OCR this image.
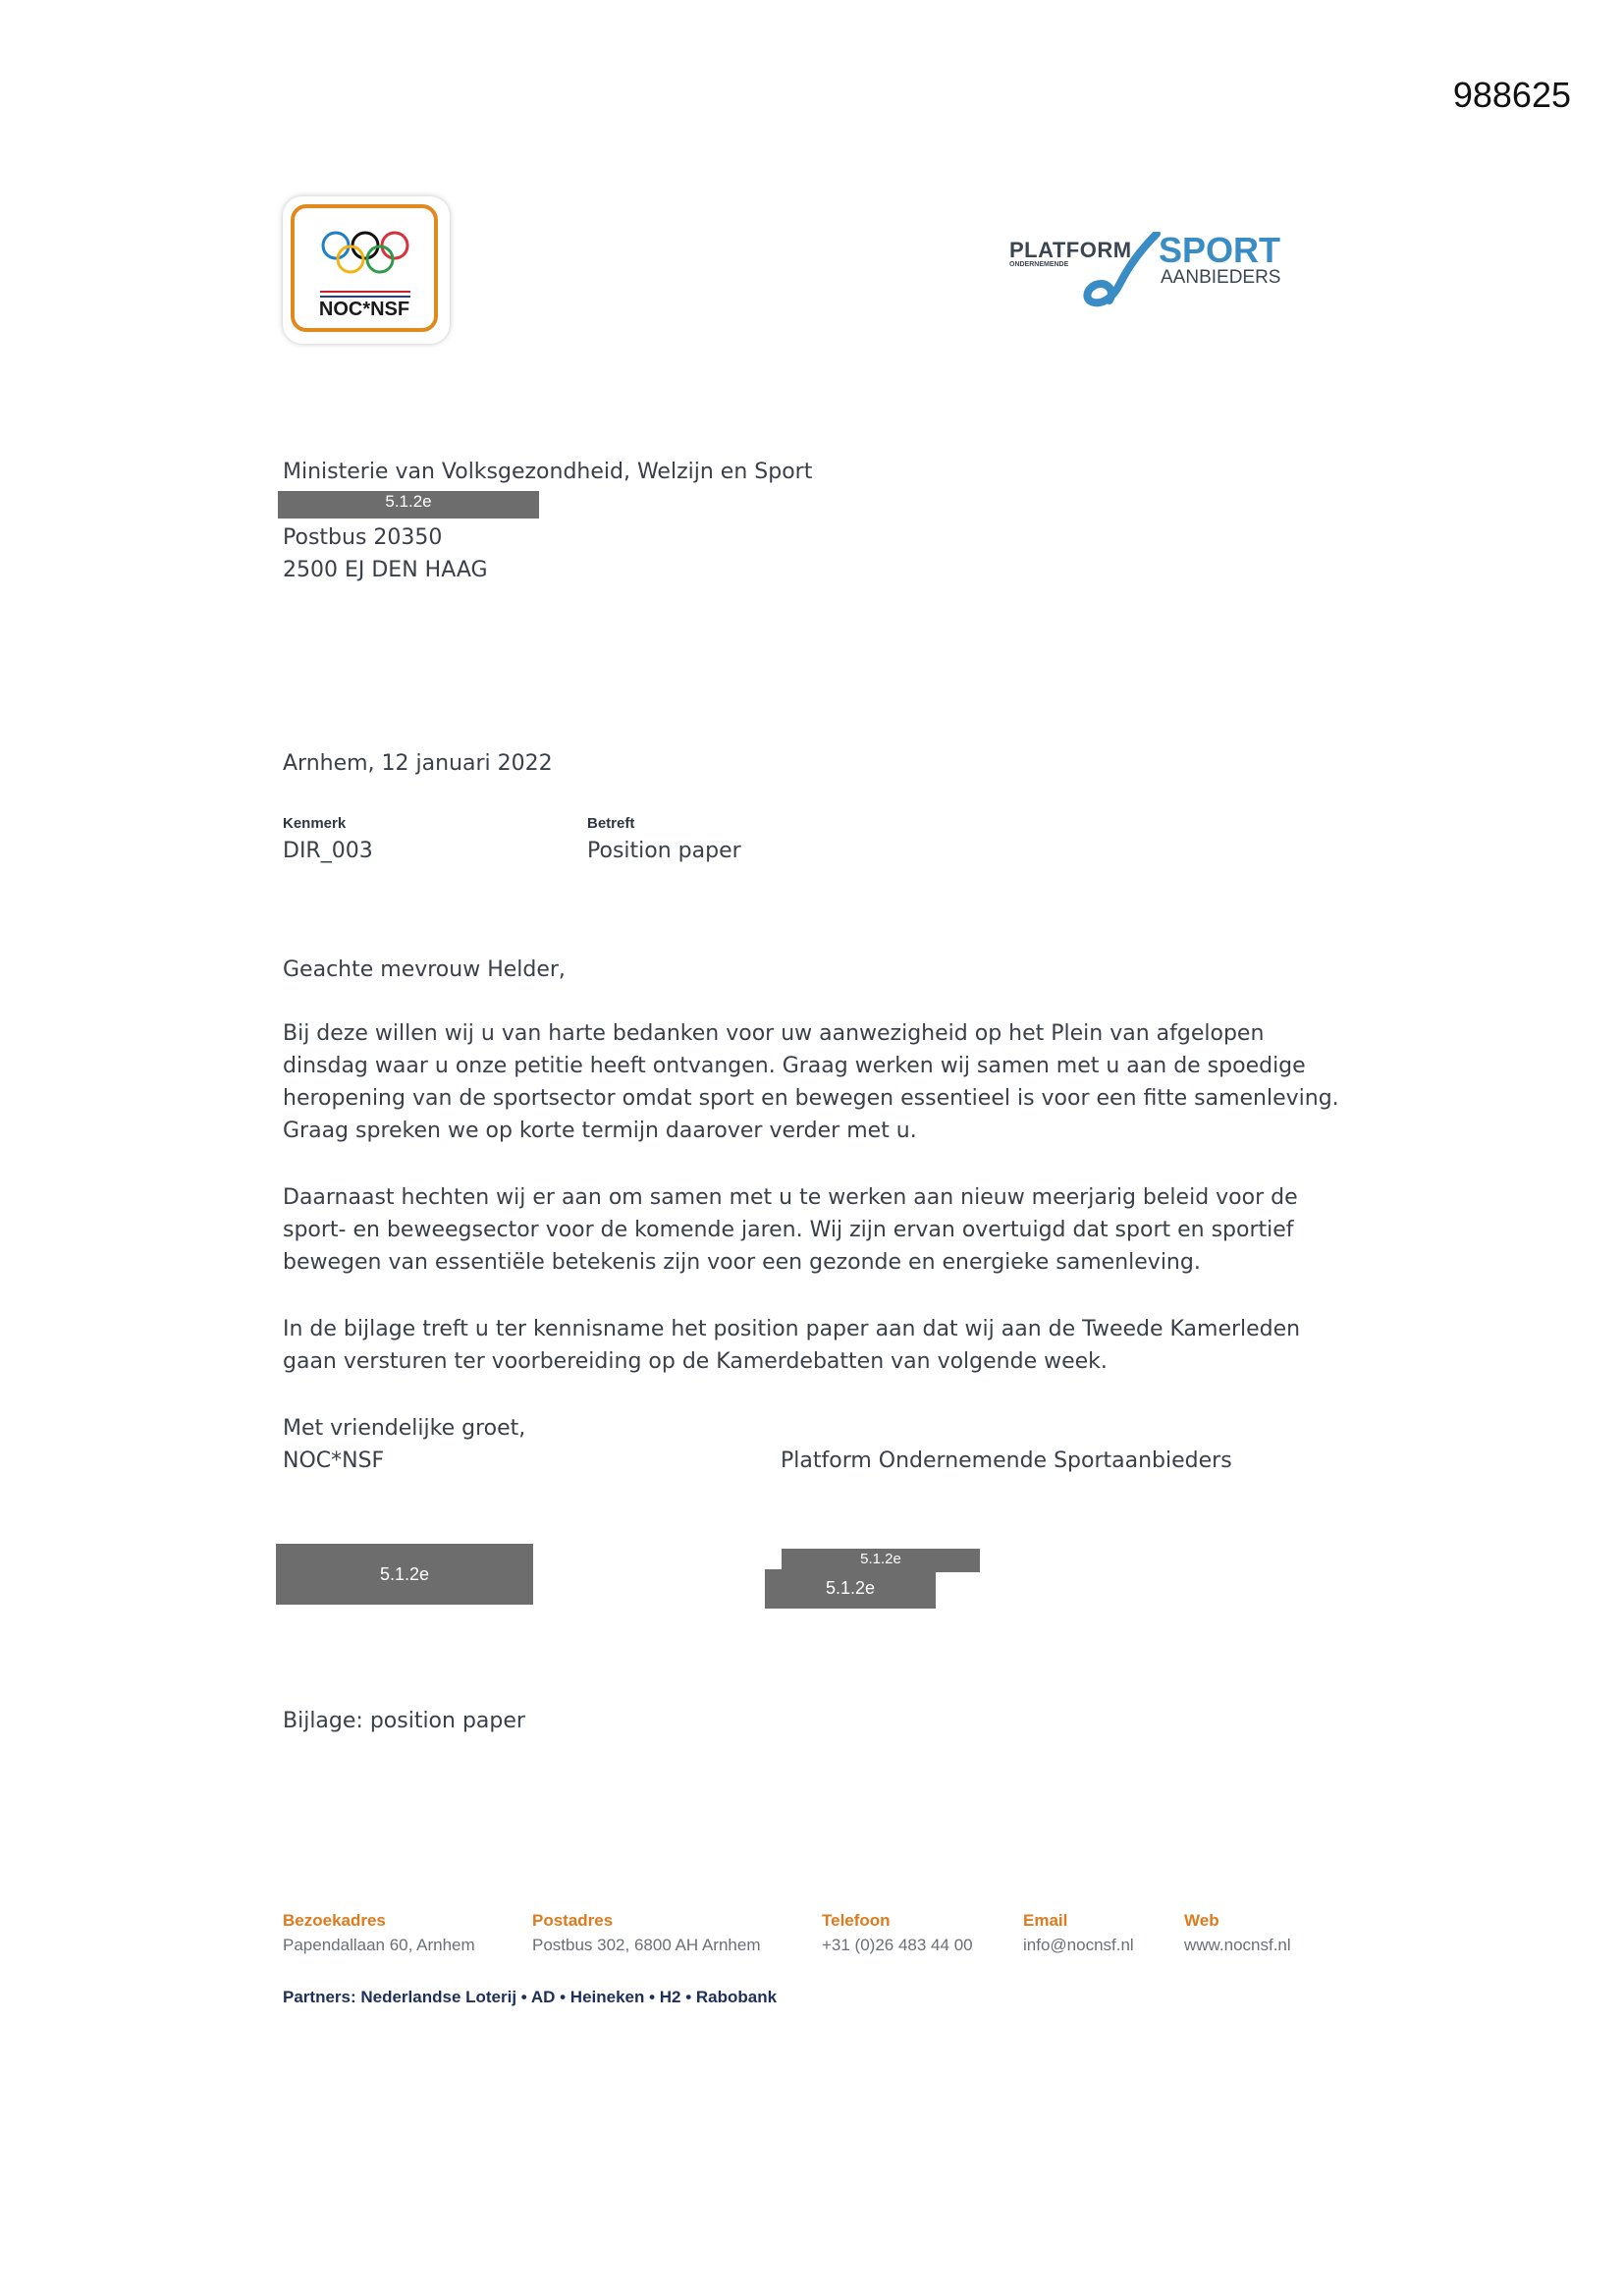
988625
NOC*NSF
PLATFORM
ONDERNEMENDE	SPORT
AANBIEDERS
Ministerie van Volksgezondheid, Welzijn en Sport
5.1.2e
Postbus 20350
2500 EJ DEN HAAG
Arnhem, 12 januari 2022
Kenmerk
DIR_003
Betreft
Position paper
Geachte mevrouw Helder,
Bij deze willen wij u van harte bedanken voor uw aanwezigheid op het Plein van afgelopen
dinsdag waar u onze petitie heeft ontvangen. Graag werken wij samen met u aan de spoedige
heropening van de sportsector omdat sport en bewegen essentieel is voor een fitte samenleving.
Graag spreken we op korte termijn daarover verder met u.
Daarnaast hechten wij er aan om samen met u te werken aan nieuw meerjarig beleid voor de
sport- en beweegsector voor de komende jaren. Wij zijn ervan overtuigd dat sport en sportief
bewegen van essentiële betekenis zijn voor een gezonde en energieke samenleving.
In de bijlage treft u ter kennisname het position paper aan dat wij aan de Tweede Kamerleden
gaan versturen ter voorbereiding op de Kamerdebatten van volgende week.
Met vriendelijke groet,
NOC*NSF	Platform Ondernemende Sportaanbieders
5.1.2e
5.1.2e
5.1.2e
Bijlage: position paper
Bezoekadres
Papendallaan 60, Arnhem
Postadres
Postbus 302, 6800 AH Arnhem
Telefoon
+31 (0)26 483 44 00
Email
info@nocnsf.nl
Web
www.nocnsf.nl
Partners: Nederlandse Loterij • AD • Heineken • H2 • Rabobank
